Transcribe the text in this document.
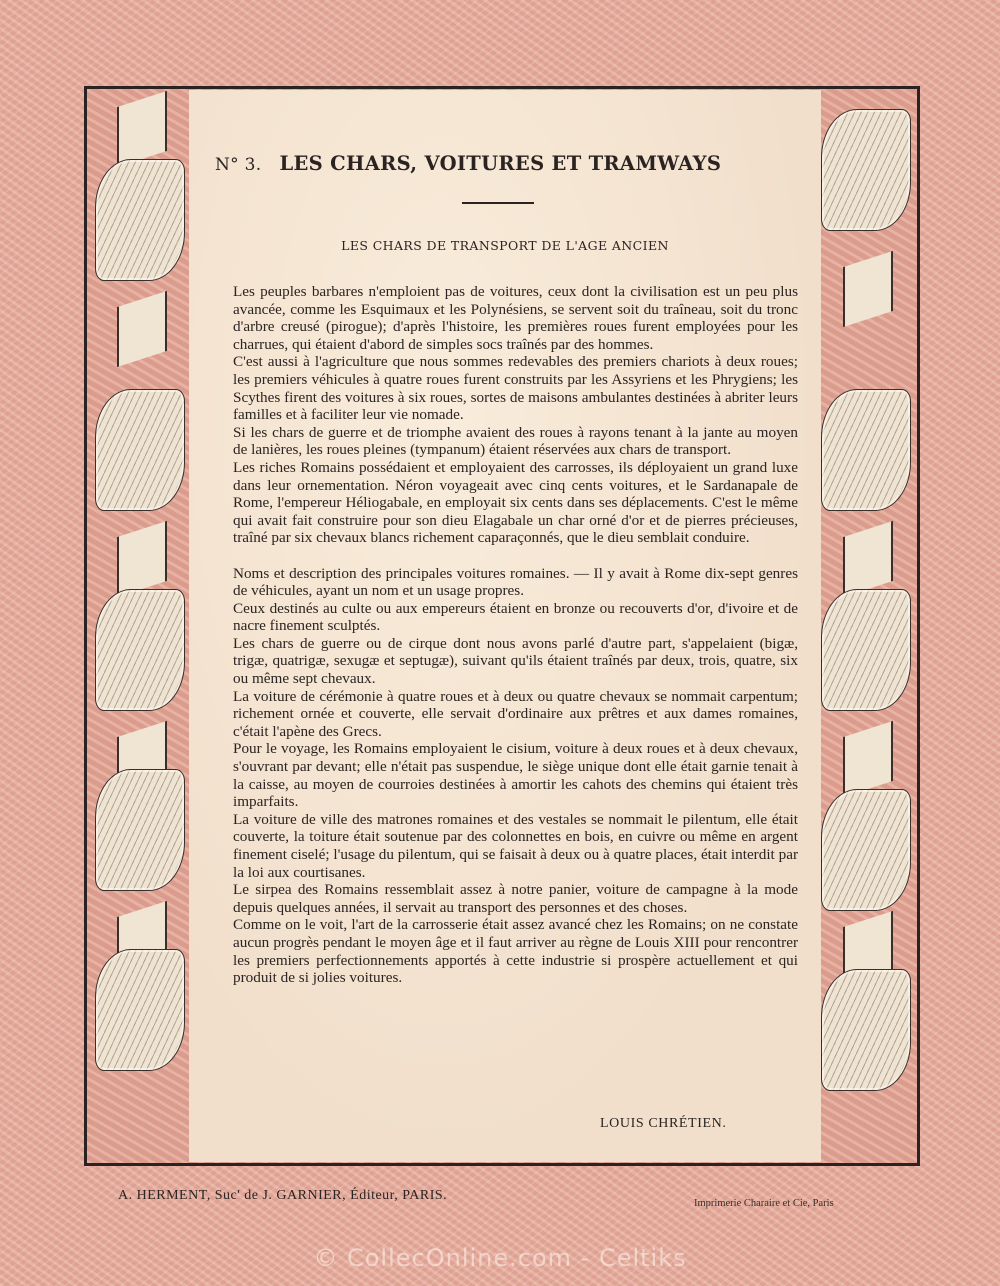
N° 3. LES CHARS, VOITURES ET TRAMWAYS
LES CHARS DE TRANSPORT DE L'AGE ANCIEN

Les peuples barbares n'emploient pas de voitures, ceux dont la civilisation est un peu plus avancée, comme les Esquimaux et les Polynésiens, se servent soit du traîneau, soit du tronc d'arbre creusé (pirogue); d'après l'histoire, les premières roues furent employées pour les charrues, qui étaient d'abord de simples socs traînés par des hommes.

C'est aussi à l'agriculture que nous sommes redevables des premiers chariots à deux roues; les premiers véhicules à quatre roues furent construits par les Assyriens et les Phrygiens; les Scythes firent des voitures à six roues, sortes de maisons ambulantes destinées à abriter leurs familles et à faciliter leur vie nomade.

Si les chars de guerre et de triomphe avaient des roues à rayons tenant à la jante au moyen de lanières, les roues pleines (tympanum) étaient réservées aux chars de transport.

Les riches Romains possédaient et employaient des carrosses, ils déployaient un grand luxe dans leur ornementation. Néron voyageait avec cinq cents voitures, et le Sardanapale de Rome, l'empereur Héliogabale, en employait six cents dans ses déplacements. C'est le même qui avait fait construire pour son dieu Elagabale un char orné d'or et de pierres précieuses, traîné par six chevaux blancs richement caparaçonnés, que le dieu semblait conduire.

Noms et description des principales voitures romaines. — Il y avait à Rome dix-sept genres de véhicules, ayant un nom et un usage propres.

Ceux destinés au culte ou aux empereurs étaient en bronze ou recouverts d'or, d'ivoire et de nacre finement sculptés.

Les chars de guerre ou de cirque dont nous avons parlé d'autre part, s'appelaient (bigæ, trigæ, quatrigæ, sexugæ et septugæ), suivant qu'ils étaient traînés par deux, trois, quatre, six ou même sept chevaux.

La voiture de cérémonie à quatre roues et à deux ou quatre chevaux se nommait carpentum; richement ornée et couverte, elle servait d'ordinaire aux prêtres et aux dames romaines, c'était l'apène des Grecs.

Pour le voyage, les Romains employaient le cisium, voiture à deux roues et à deux chevaux, s'ouvrant par devant; elle n'était pas suspendue, le siège unique dont elle était garnie tenait à la caisse, au moyen de courroies destinées à amortir les cahots des chemins qui étaient très imparfaits.

La voiture de ville des matrones romaines et des vestales se nommait le pilentum, elle était couverte, la toiture était soutenue par des colonnettes en bois, en cuivre ou même en argent finement ciselé; l'usage du pilentum, qui se faisait à deux ou à quatre places, était interdit par la loi aux courtisanes.

Le sirpea des Romains ressemblait assez à notre panier, voiture de campagne à la mode depuis quelques années, il servait au transport des personnes et des choses.

Comme on le voit, l'art de la carrosserie était assez avancé chez les Romains; on ne constate aucun progrès pendant le moyen âge et il faut arriver au règne de Louis XIII pour rencontrer les premiers perfectionnements apportés à cette industrie si prospère actuellement et qui produit de si jolies voitures.

LOUIS CHRÉTIEN.
A. HERMENT, Suc' de J. GARNIER, Éditeur, PARIS.
Imprimerie Charaire et Cie, Paris
© CollecOnline.com - Celtiks
